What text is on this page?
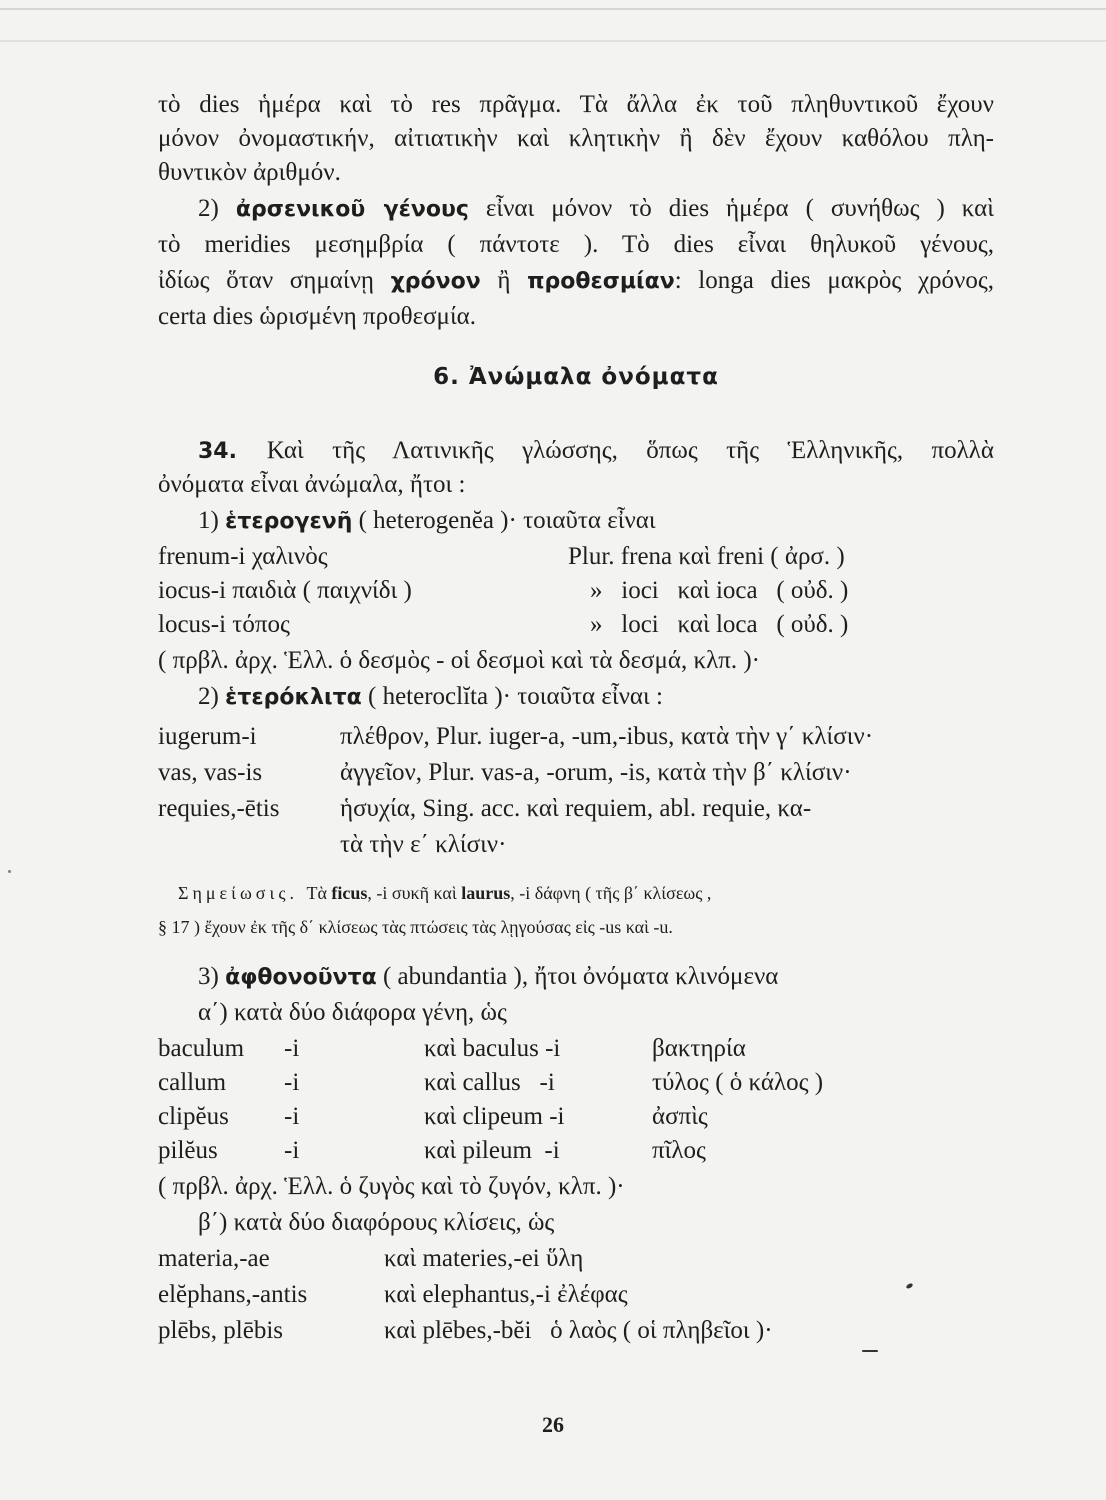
τὸ dies ἡμέρα καὶ τὸ res πρᾶγμα. Τὰ ἄλλα ἐκ τοῦ πληθυντικοῦ ἔχουν
μόνον ὀνομαστικήν, αἰτιατικὴν καὶ κλητικὴν ἢ δὲν ἔχουν καθόλου πλη-
θυντικὸν ἀριθμόν.
2) ἀρσενικοῦ γένους εἶναι μόνον τὸ dies ἡμέρα ( συνήθως ) καὶ
τὸ meridies μεσημβρία ( πάντοτε ). Τὸ dies εἶναι θηλυκοῦ γένους,
ἰδίως ὅταν σημαίνῃ χρόνον ἢ προθεσμίαν: longa dies μακρὸς χρόνος,
certa dies ὡρισμένη προθεσμία.
6. Ἀνώμαλα ὀνόματα
34. Καὶ τῆς Λατινικῆς γλώσσης, ὅπως τῆς Ἑλληνικῆς, πολλὰ
ὀνόματα εἶναι ἀνώμαλα, ἤτοι :
1) ἑτερογενῆ ( heterogenĕa )· τοιαῦτα εἶναι
frenum-i χαλινὸς	Plur. frena καὶ freni ( ἀρσ. )
iocus-i παιδιὰ ( παιχνίδι )	»   ioci   καὶ ioca   ( οὐδ. )
locus-i τόπος	»   loci   καὶ loca   ( οὐδ. )
( πρβλ. ἀρχ. Ἑλλ. ὁ δεσμὸς - οἱ δεσμοὶ καὶ τὰ δεσμά, κλπ. )·
2) ἑτερόκλιτα ( heteroclĭta )· τοιαῦτα εἶναι :
iugerum-i	πλέθρον, Plur. iuger-a, -um,-ibus, κατὰ τὴν γ΄ κλίσιν·
vas, vas-is	ἀγγεῖον, Plur. vas-a, -orum, -is, κατὰ τὴν β΄ κλίσιν·
requies,-ētis ἡσυχία, Sing. acc. καὶ requiem, abl. requie, κα-
τὰ τὴν ε΄ κλίσιν·
Σημείωσις. Τὰ ficus, -i συκῆ καὶ laurus, -i δάφνη ( τῆς β΄ κλίσεως ,
§ 17 ) ἔχουν ἐκ τῆς δ΄ κλίσεως τὰς πτώσεις τὰς λῃγούσας εἰς -us καὶ -u.
3) ἀφθονοῦντα ( abundantia ), ἤτοι ὀνόματα κλινόμενα
α΄) κατὰ δύο διάφορα γένη, ὡς
baculum -i	καὶ baculus -i	βακτηρία
callum -i	καὶ callus   -i	τύλος ( ὁ κάλος )
clipĕus -i	καὶ clipeum -i	ἀσπὶς
pilĕus	-i	καὶ pileum  -i	πῖλος
( πρβλ. ἀρχ. Ἑλλ. ὁ ζυγὸς καὶ τὸ ζυγόν, κλπ. )·
β΄) κατὰ δύο διαφόρους κλίσεις, ὡς
materia,-ae	καὶ materies,-ei ὕλη
elĕphans,-antis	καὶ elephantus,-i ἐλέφας
plēbs, plēbis	καὶ plēbes,-bĕi   ὁ λαὸς ( οἱ πληβεῖοι )·
26
